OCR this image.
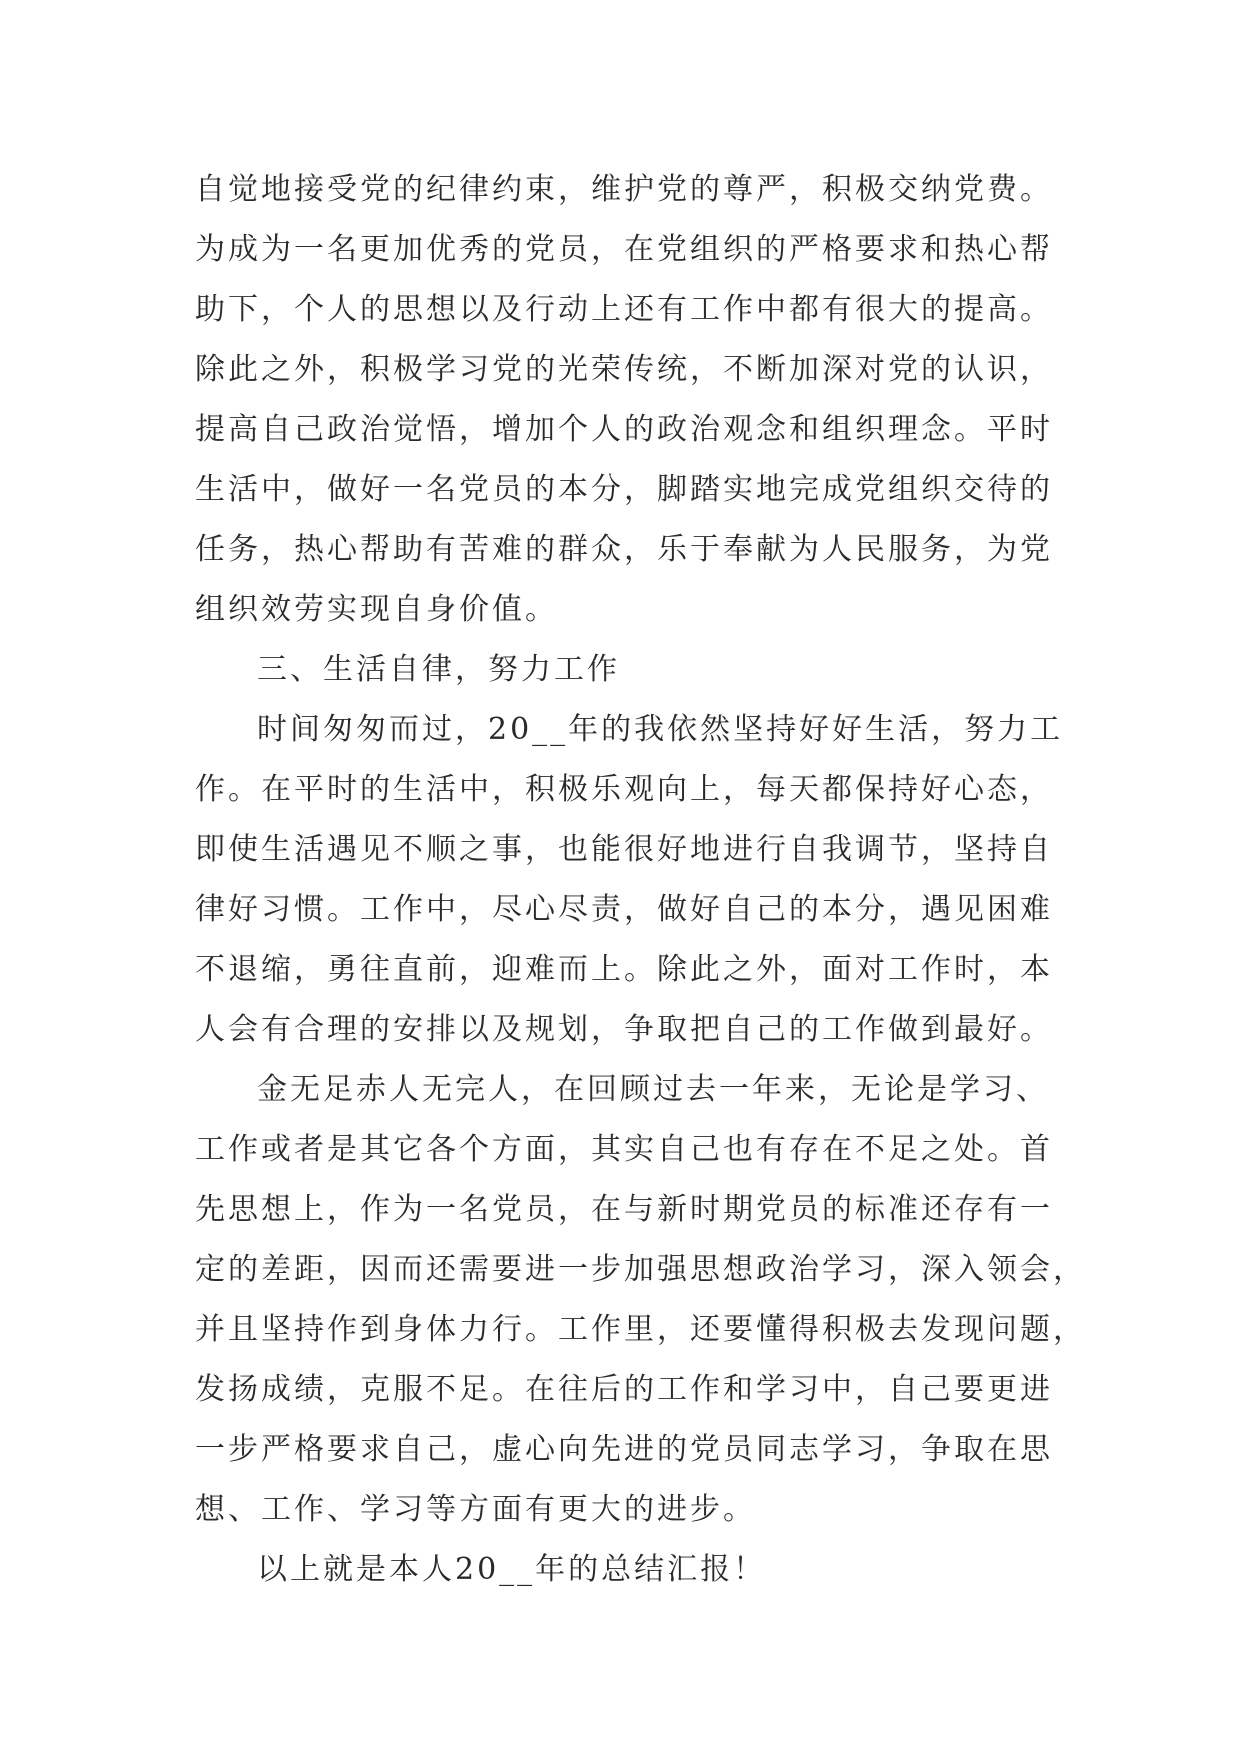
自觉地接受党的纪律约束，维护党的尊严，积极交纳党费。
为成为一名更加优秀的党员，在党组织的严格要求和热心帮
助下，个人的思想以及行动上还有工作中都有很大的提高。
除此之外，积极学习党的光荣传统，不断加深对党的认识，
提高自己政治觉悟，增加个人的政治观念和组织理念。平时
生活中，做好一名党员的本分，脚踏实地完成党组织交待的
任务，热心帮助有苦难的群众，乐于奉献为人民服务，为党
组织效劳实现自身价值。
三、生活自律，努力工作
时间匆匆而过，20__年的我依然坚持好好生活，努力工
作。在平时的生活中，积极乐观向上，每天都保持好心态，
即使生活遇见不顺之事，也能很好地进行自我调节，坚持自
律好习惯。工作中，尽心尽责，做好自己的本分，遇见困难
不退缩，勇往直前，迎难而上。除此之外，面对工作时，本
人会有合理的安排以及规划，争取把自己的工作做到最好。
金无足赤人无完人，在回顾过去一年来，无论是学习、
工作或者是其它各个方面，其实自己也有存在不足之处。首
先思想上，作为一名党员，在与新时期党员的标准还存有一
定的差距，因而还需要进一步加强思想政治学习，深入领会，
并且坚持作到身体力行。工作里，还要懂得积极去发现问题，
发扬成绩，克服不足。在往后的工作和学习中，自己要更进
一步严格要求自己，虚心向先进的党员同志学习，争取在思
想、工作、学习等方面有更大的进步。
以上就是本人20__年的总结汇报！
